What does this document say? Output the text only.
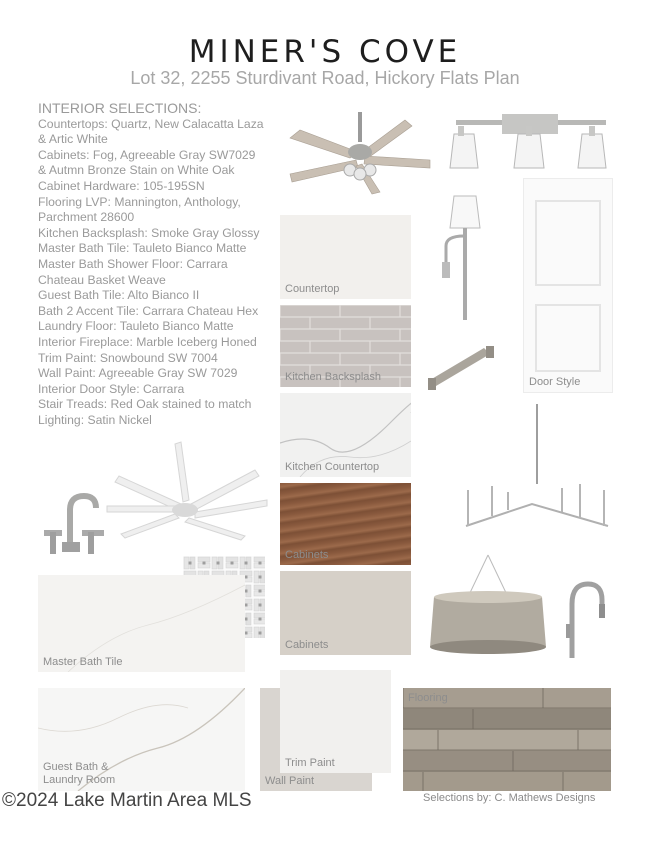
MINER'S COVE
Lot 32, 2255 Sturdivant Road, Hickory Flats Plan
INTERIOR SELECTIONS:
Countertops: Quartz, New Calacatta Laza
& Artic White
Cabinets: Fog, Agreeable Gray SW7029
& Autmn Bronze Stain on White Oak
Cabinet Hardware: 105-195SN
Flooring LVP: Mannington, Anthology,
Parchment 28600
Kitchen Backsplash: Smoke Gray Glossy
Master Bath Tile: Tauleto Bianco Matte
Master Bath Shower Floor: Carrara
Chateau Basket Weave
Guest Bath Tile: Alto Bianco II
Bath 2 Accent Tile: Carrara Chateau Hex
Laundry Floor: Tauleto Bianco Matte
Interior Fireplace: Marble Iceberg Honed
Trim Paint: Snowbound SW 7004
Wall Paint: Agreeable Gray SW 7029
Interior Door Style: Carrara
Stair Treads: Red Oak stained to match
Lighting: Satin Nickel
Countertop
Door Style
Kitchen Backsplash
Kitchen Countertop
Cabinets
Cabinets
Master Bath Tile
Guest Bath &
Laundry Room	Wall Paint
Trim Paint
Flooring
©2024 Lake Martin Area MLS	Selections by: C. Mathews Designs
